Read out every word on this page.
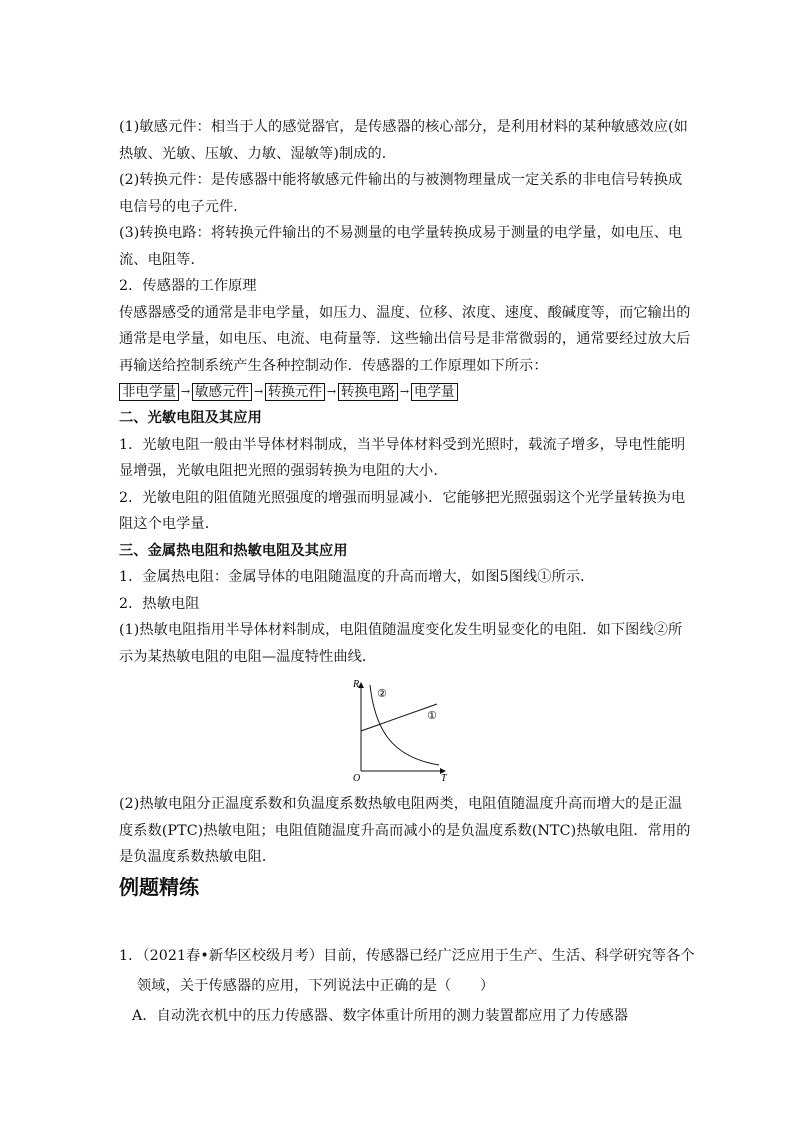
(1)敏感元件：相当于人的感觉器官，是传感器的核心部分，是利用材料的某种敏感效应(如

热敏、光敏、压敏、力敏、湿敏等)制成的．

(2)转换元件：是传感器中能将敏感元件输出的与被测物理量成一定关系的非电信号转换成

电信号的电子元件．

(3)转换电路：将转换元件输出的不易测量的电学量转换成易于测量的电学量，如电压、电

流、电阻等．

2．传感器的工作原理

传感器感受的通常是非电学量，如压力、温度、位移、浓度、速度、酸碱度等，而它输出的

通常是电学量，如电压、电流、电荷量等．这些输出信号是非常微弱的，通常要经过放大后

再输送给控制系统产生各种控制动作．传感器的工作原理如下所示：

非电学量 → 敏感元件 → 转换元件 → 转换电路 → 电学量

二、光敏电阻及其应用

1．光敏电阻一般由半导体材料制成，当半导体材料受到光照时，载流子增多，导电性能明

显增强，光敏电阻把光照的强弱转换为电阻的大小．

2．光敏电阻的阻值随光照强度的增强而明显减小．它能够把光照强弱这个光学量转换为电

阻这个电学量．

三、金属热电阻和热敏电阻及其应用

1．金属热电阻：金属导体的电阻随温度的升高而增大，如图5图线①所示．

2．热敏电阻

(1)热敏电阻指用半导体材料制成，电阻值随温度变化发生明显变化的电阻．如下图线②所

示为某热敏电阻的电阻—温度特性曲线．

R
T
O
②
①

(2)热敏电阻分正温度系数和负温度系数热敏电阻两类，电阻值随温度升高而增大的是正温

度系数(PTC)热敏电阻；电阻值随温度升高而减小的是负温度系数(NTC)热敏电阻．常用的

是负温度系数热敏电阻．

例题精练

1．（2021春•新华区校级月考）目前，传感器已经广泛应用于生产、生活、科学研究等各个

领域，关于传感器的应用，下列说法中正确的是（　　）

A．自动洗衣机中的压力传感器、数字体重计所用的测力装置都应用了力传感器
